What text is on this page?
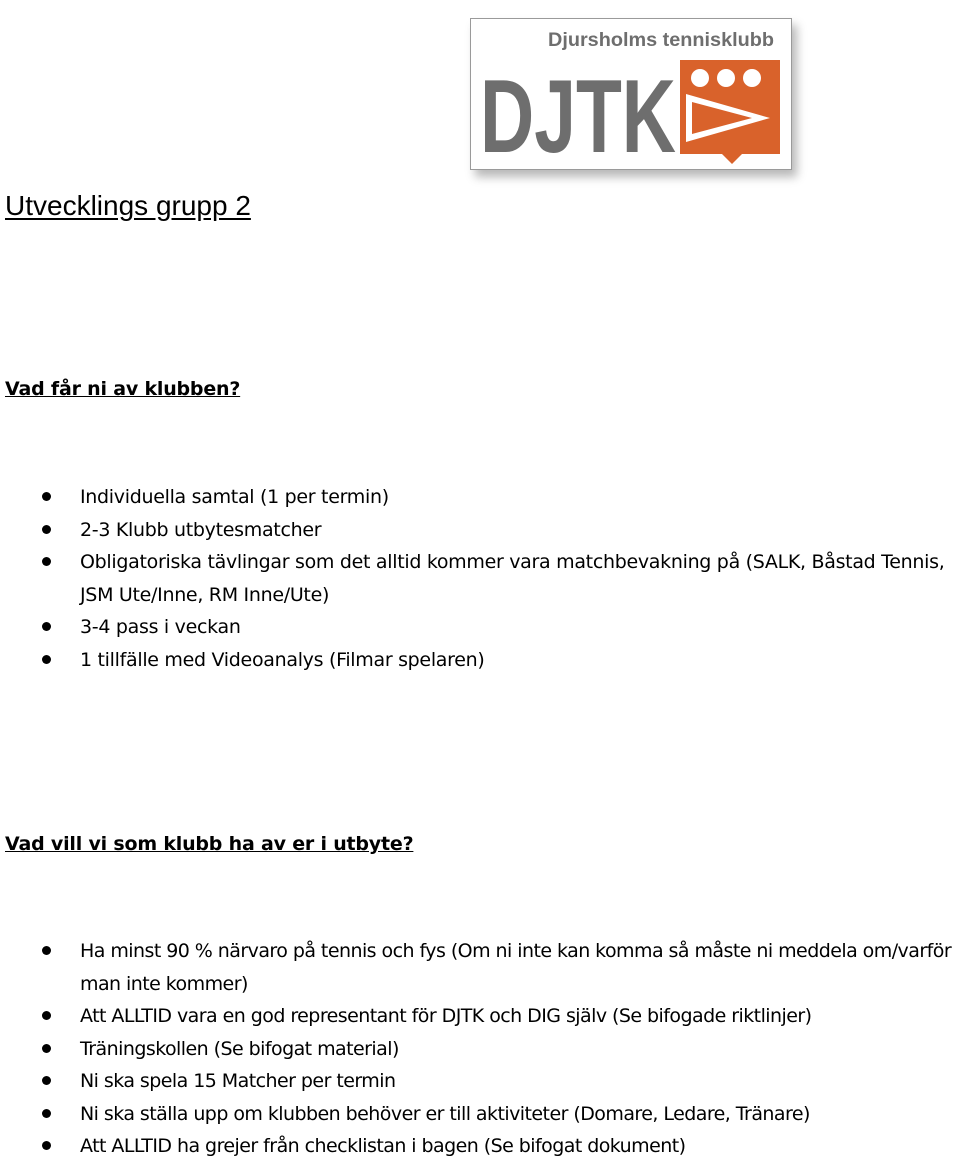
Djursholms tennisklubb
DJTK
Utvecklings grupp 2
Vad får ni av klubben?
Individuella samtal (1 per termin)
2-3 Klubb utbytesmatcher
Obligatoriska tävlingar som det alltid kommer vara matchbevakning på (SALK, Båstad Tennis, JSM Ute/Inne, RM Inne/Ute)
3-4 pass i veckan
1 tillfälle med Videoanalys (Filmar spelaren)
Vad vill vi som klubb ha av er i utbyte?
Ha minst 90 % närvaro på tennis och fys (Om ni inte kan komma så måste ni meddela om/varför man inte kommer)
Att ALLTID vara en god representant för DJTK och DIG själv (Se bifogade riktlinjer)
Träningskollen (Se bifogat material)
Ni ska spela 15 Matcher per termin
Ni ska ställa upp om klubben behöver er till aktiviteter (Domare, Ledare, Tränare)
Att ALLTID ha grejer från checklistan i bagen (Se bifogat dokument)
